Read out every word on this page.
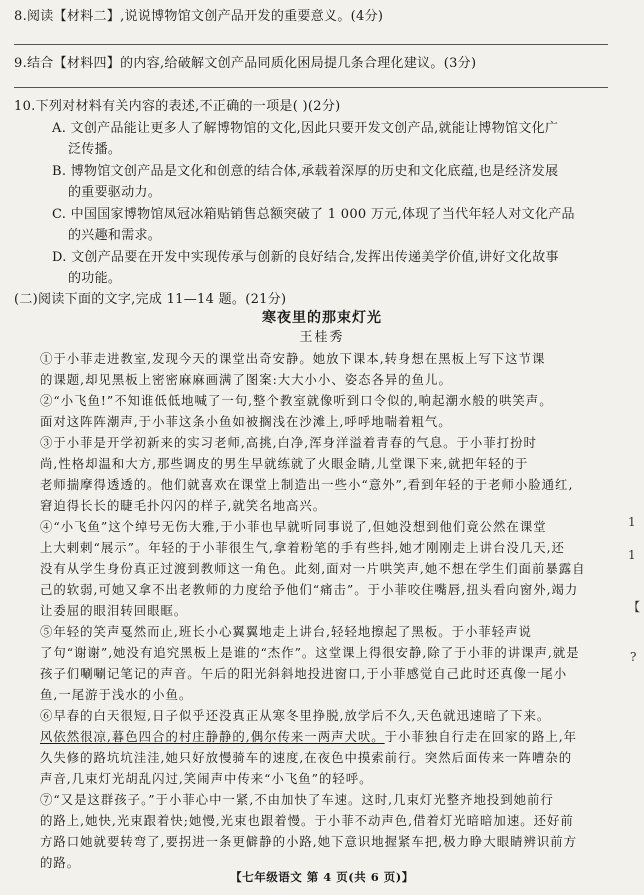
8.阅读【材料二】,说说博物馆文创产品开发的重要意义。(4分)
9.结合【材料四】的内容,给破解文创产品同质化困局提几条合理化建议。(3分)
10.下列对材料有关内容的表述,不正确的一项是( )(2分)
A. 文创产品能让更多人了解博物馆的文化,因此只要开发文创产品,就能让博物馆文化广
泛传播。
B. 博物馆文创产品是文化和创意的结合体,承载着深厚的历史和文化底蕴,也是经济发展
的重要驱动力。
C. 中国国家博物馆凤冠冰箱贴销售总额突破了 1 000 万元,体现了当代年轻人对文化产品
的兴趣和需求。
D. 文创产品要在开发中实现传承与创新的良好结合,发挥出传递美学价值,讲好文化故事
的功能。
(二)阅读下面的文字,完成 11—14 题。(21分)
寒夜里的那束灯光
王桂秀
①于小菲走进教室,发现今天的课堂出奇安静。她放下课本,转身想在黑板上写下这节课
的课题,却见黑板上密密麻麻画满了图案:大大小小、姿态各异的鱼儿。
②“小飞鱼!”不知谁低低地喊了一句,整个教室就像听到口令似的,响起潮水般的哄笑声。
面对这阵阵潮声,于小菲这条小鱼如被搁浅在沙滩上,呼呼地喘着粗气。
③于小菲是开学初新来的实习老师,高挑,白净,浑身洋溢着青春的气息。于小菲打扮时
尚,性格却温和大方,那些调皮的男生早就练就了火眼金睛,儿堂课下来,就把年轻的于
老师揣摩得透透的。他们就喜欢在课堂上制造出一些小“意外”,看到年轻的于老师小脸通红,
窘迫得长长的睫毛扑闪闪的样子,就笑名地高兴。
④“小飞鱼”这个绰号无伤大雅,于小菲也早就听同事说了,但她没想到他们竟公然在课堂
上大剌剌“展示”。年轻的于小菲很生气,拿着粉笔的手有些抖,她才刚刚走上讲台没几天,还
没有从学生身份真正过渡到教师这一角色。此刻,面对一片哄笑声,她不想在学生们面前暴露自
己的软弱,可她又拿不出老教师的力度给予他们“痛击”。于小菲咬住嘴唇,扭头看向窗外,竭力
让委屈的眼泪转回眼眶。
⑤年轻的笑声戛然而止,班长小心翼翼地走上讲台,轻轻地擦起了黑板。于小菲轻声说
了句“谢谢”,她没有追究黑板上是谁的“杰作”。这堂课上得很安静,除了于小菲的讲课声,就是
孩子们唰唰记笔记的声音。午后的阳光斜斜地投进窗口,于小菲感觉自己此时还真像一尾小
鱼,一尾游于浅水的小鱼。
⑥早春的白天很短,日子似乎还没真正从寒冬里挣脱,放学后不久,天色就迅速暗了下来。
风依然很凉,暮色四合的村庄静静的,偶尔传来一两声犬吠。于小菲独自行走在回家的路上,年
久失修的路坑坑洼洼,她只好放慢骑车的速度,在夜色中摸索前行。突然后面传来一阵嘈杂的
声音,几束灯光胡乱闪过,笑闹声中传来“小飞鱼”的轻呼。
⑦“又是这群孩子。”于小菲心中一紧,不由加快了车速。这时,几束灯光整齐地投到她前行
的路上,她快,光束跟着快;她慢,光束也跟着慢。于小菲不动声色,借着灯光暗暗加速。还好前
方路口她就要转弯了,要拐进一条更僻静的小路,她下意识地握紧车把,极力睁大眼睛辨识前方
的路。
【七年级语文 第 4 页(共 6 页)】
1
1
【
?
